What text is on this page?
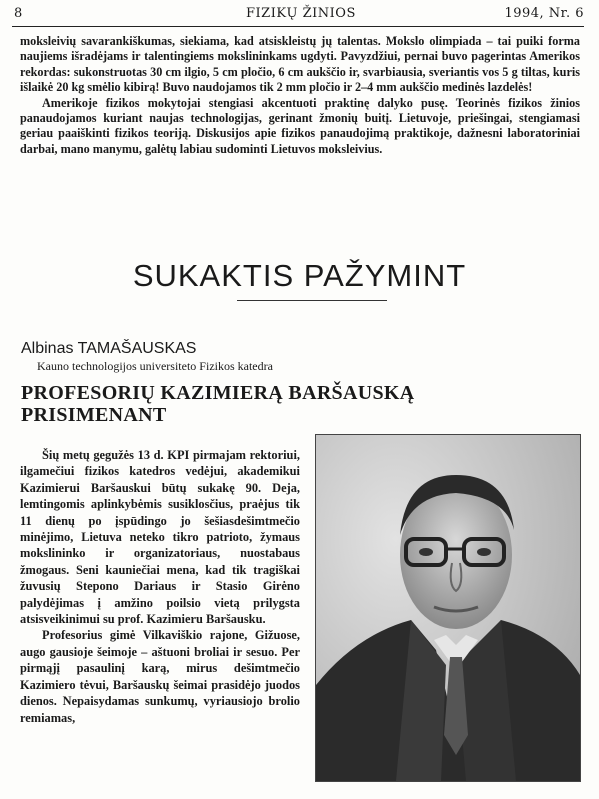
8	FIZIKŲ ŽINIOS	1994, Nr. 6

moksleivių savarankiškumas, siekiama, kad atsiskleistų jų talentas. Mokslo olimpiada – tai puiki forma naujiems išradėjams ir talentingiems mokslininkams ugdyti. Pavyzdžiui, pernai buvo pagerintas Amerikos rekordas: sukonstruotas 30 cm ilgio, 5 cm pločio, 6 cm aukščio ir, svarbiausia, sveriantis vos 5 g tiltas, kuris išlaikė 20 kg smėlio kibirą! Buvo naudojamos tik 2 mm pločio ir 2–4 mm aukščio medinės lazdelės!

Amerikoje fizikos mokytojai stengiasi akcentuoti praktinę dalyko pusę. Teorinės fizikos žinios panaudojamos kuriant naujas technologijas, gerinant žmonių buitį. Lietuvoje, priešingai, stengiamasi geriau paaiškinti fizikos teoriją. Diskusijos apie fizikos panaudojimą praktikoje, dažnesni laboratoriniai darbai, mano manymu, galėtų labiau sudominti Lietuvos moksleivius.

SUKAKTIS PAŽYMINT
Albinas TAMAŠAUSKAS
Kauno technologijos universiteto Fizikos katedra
PROFESORIŲ KAZIMIERĄ BARŠAUSKĄ PRISIMENANT

Šių metų gegužės 13 d. KPI pirmajam rektoriui, ilgamečiui fizikos katedros vedėjui, akademikui Kazimierui Baršauskui būtų sukakę 90. Deja, lemtingomis aplinkybėmis susiklosčius, praėjus tik 11 dienų po įspūdingo jo šešiasdešimtmečio minėjimo, Lietuva neteko tikro patrioto, žymaus mokslininko ir organizatoriaus, nuostabaus žmogaus. Seni kauniečiai mena, kad tik tragiškai žuvusių Stepono Dariaus ir Stasio Girėno palydėjimas į amžino poilsio vietą prilygsta atsisveikinimui su prof. Kazimieru Baršausku.

Profesorius gimė Vilkaviškio rajone, Gižuose, augo gausioje šeimoje – aštuoni broliai ir sesuo. Per pirmąjį pasaulinį karą, mirus dešimtmečio Kazimiero tėvui, Baršauskų šeimai prasidėjo juodos dienos. Nepaisydamas sunkumų, vyriausiojo brolio remiamas,
